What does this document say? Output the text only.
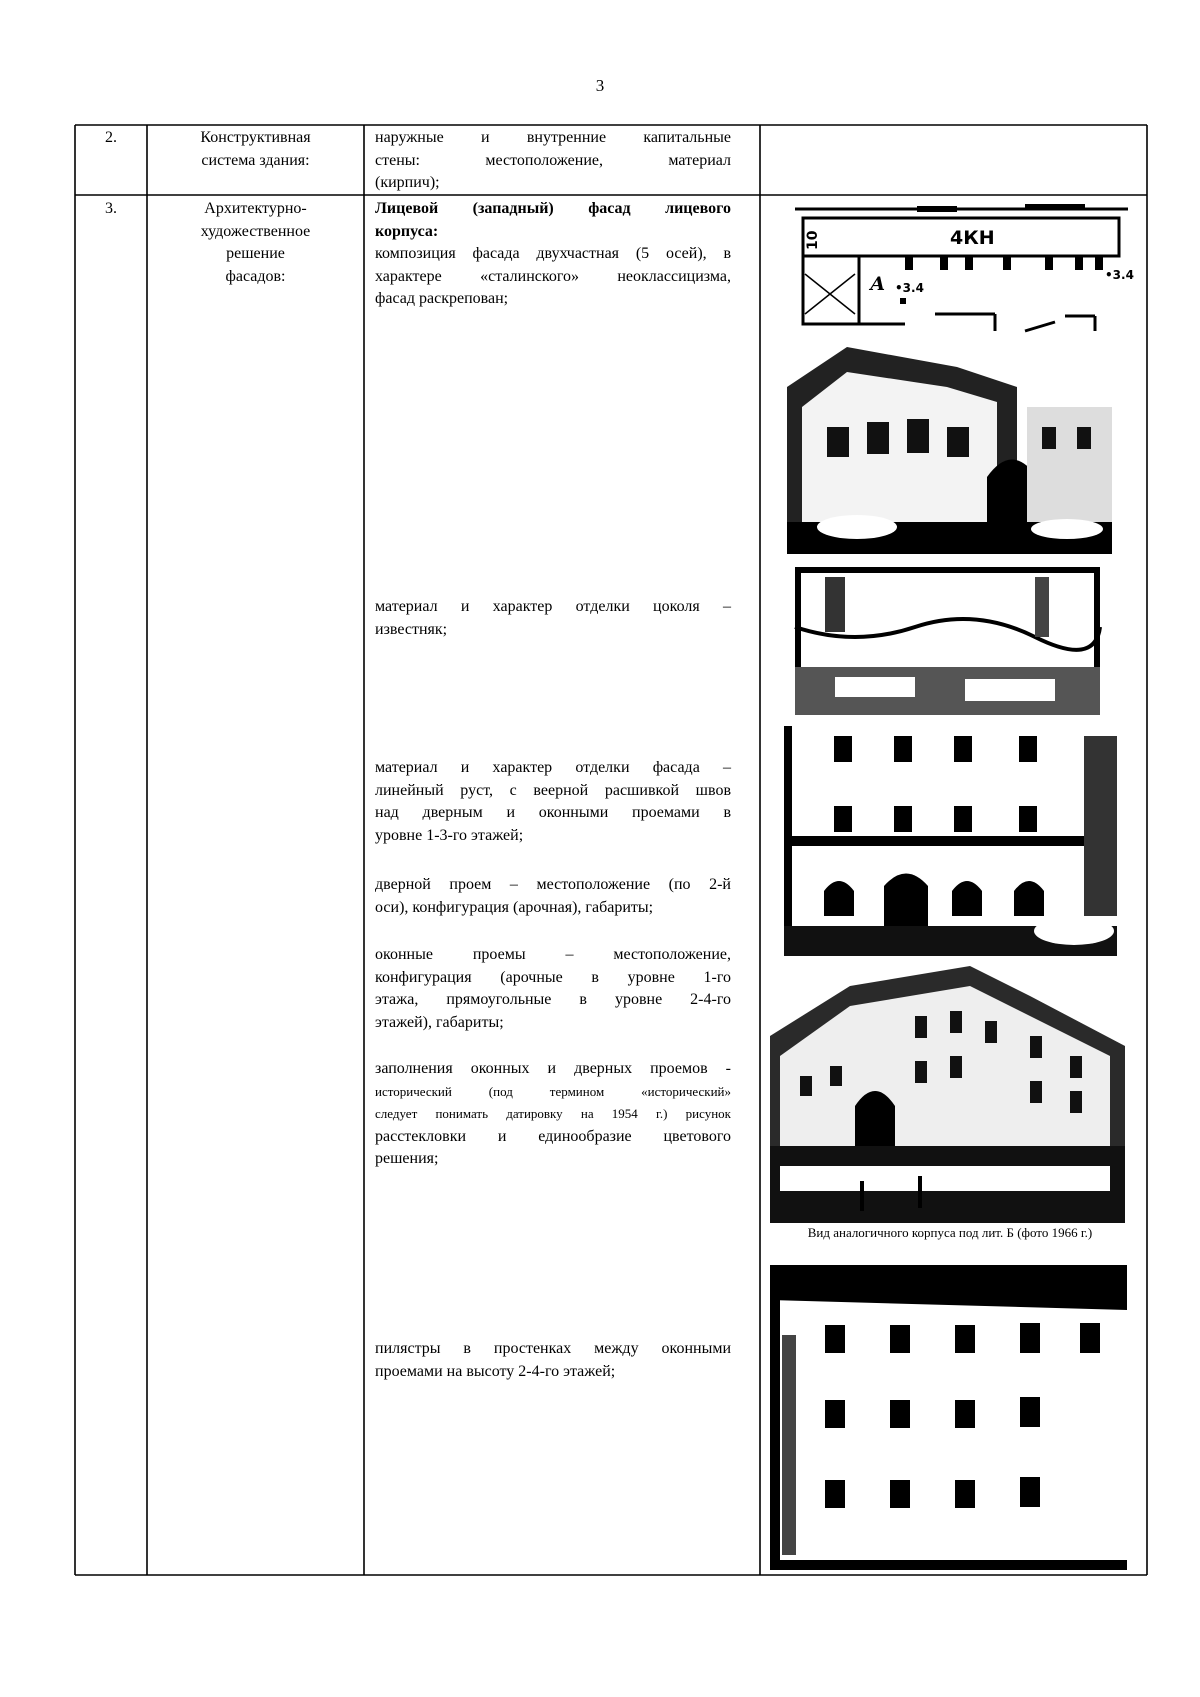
3
2.	Конструктивная
система здания:
наружные и внутренние капитальные
стены: местоположение, материал
(кирпич);
3.	Архитектурно-
художественное
решение
фасадов:
Лицевой (западный) фасад лицевого
корпуса:
композиция фасада двухчастная (5 осей), в
характере «сталинского» неоклассицизма,
фасад раскрепован;
материал и характер отделки цоколя –
известняк;
материал и характер отделки фасада –
линейный руст, с веерной расшивкой швов
над дверным и оконными проемами в
уровне 1-3-го этажей;
дверной проем – местоположение (по 2-й
оси), конфигурация (арочная), габариты;
оконные проемы – местоположение,
конфигурация (арочные в уровне 1-го
этажа, прямоугольные в уровне 2-4-го
этажей), габариты;
заполнения оконных и дверных проемов -
исторический (под термином «исторический»
следует понимать датировку на 1954 г.) рисунок
расстекловки и единообразие цветового
решения;
пилястры в простенках между оконными
проемами на высоту 2-4-го этажей;
4КН
10
А •3.4
•3.4
Вид аналогичного корпуса под лит. Б (фото 1966 г.)
